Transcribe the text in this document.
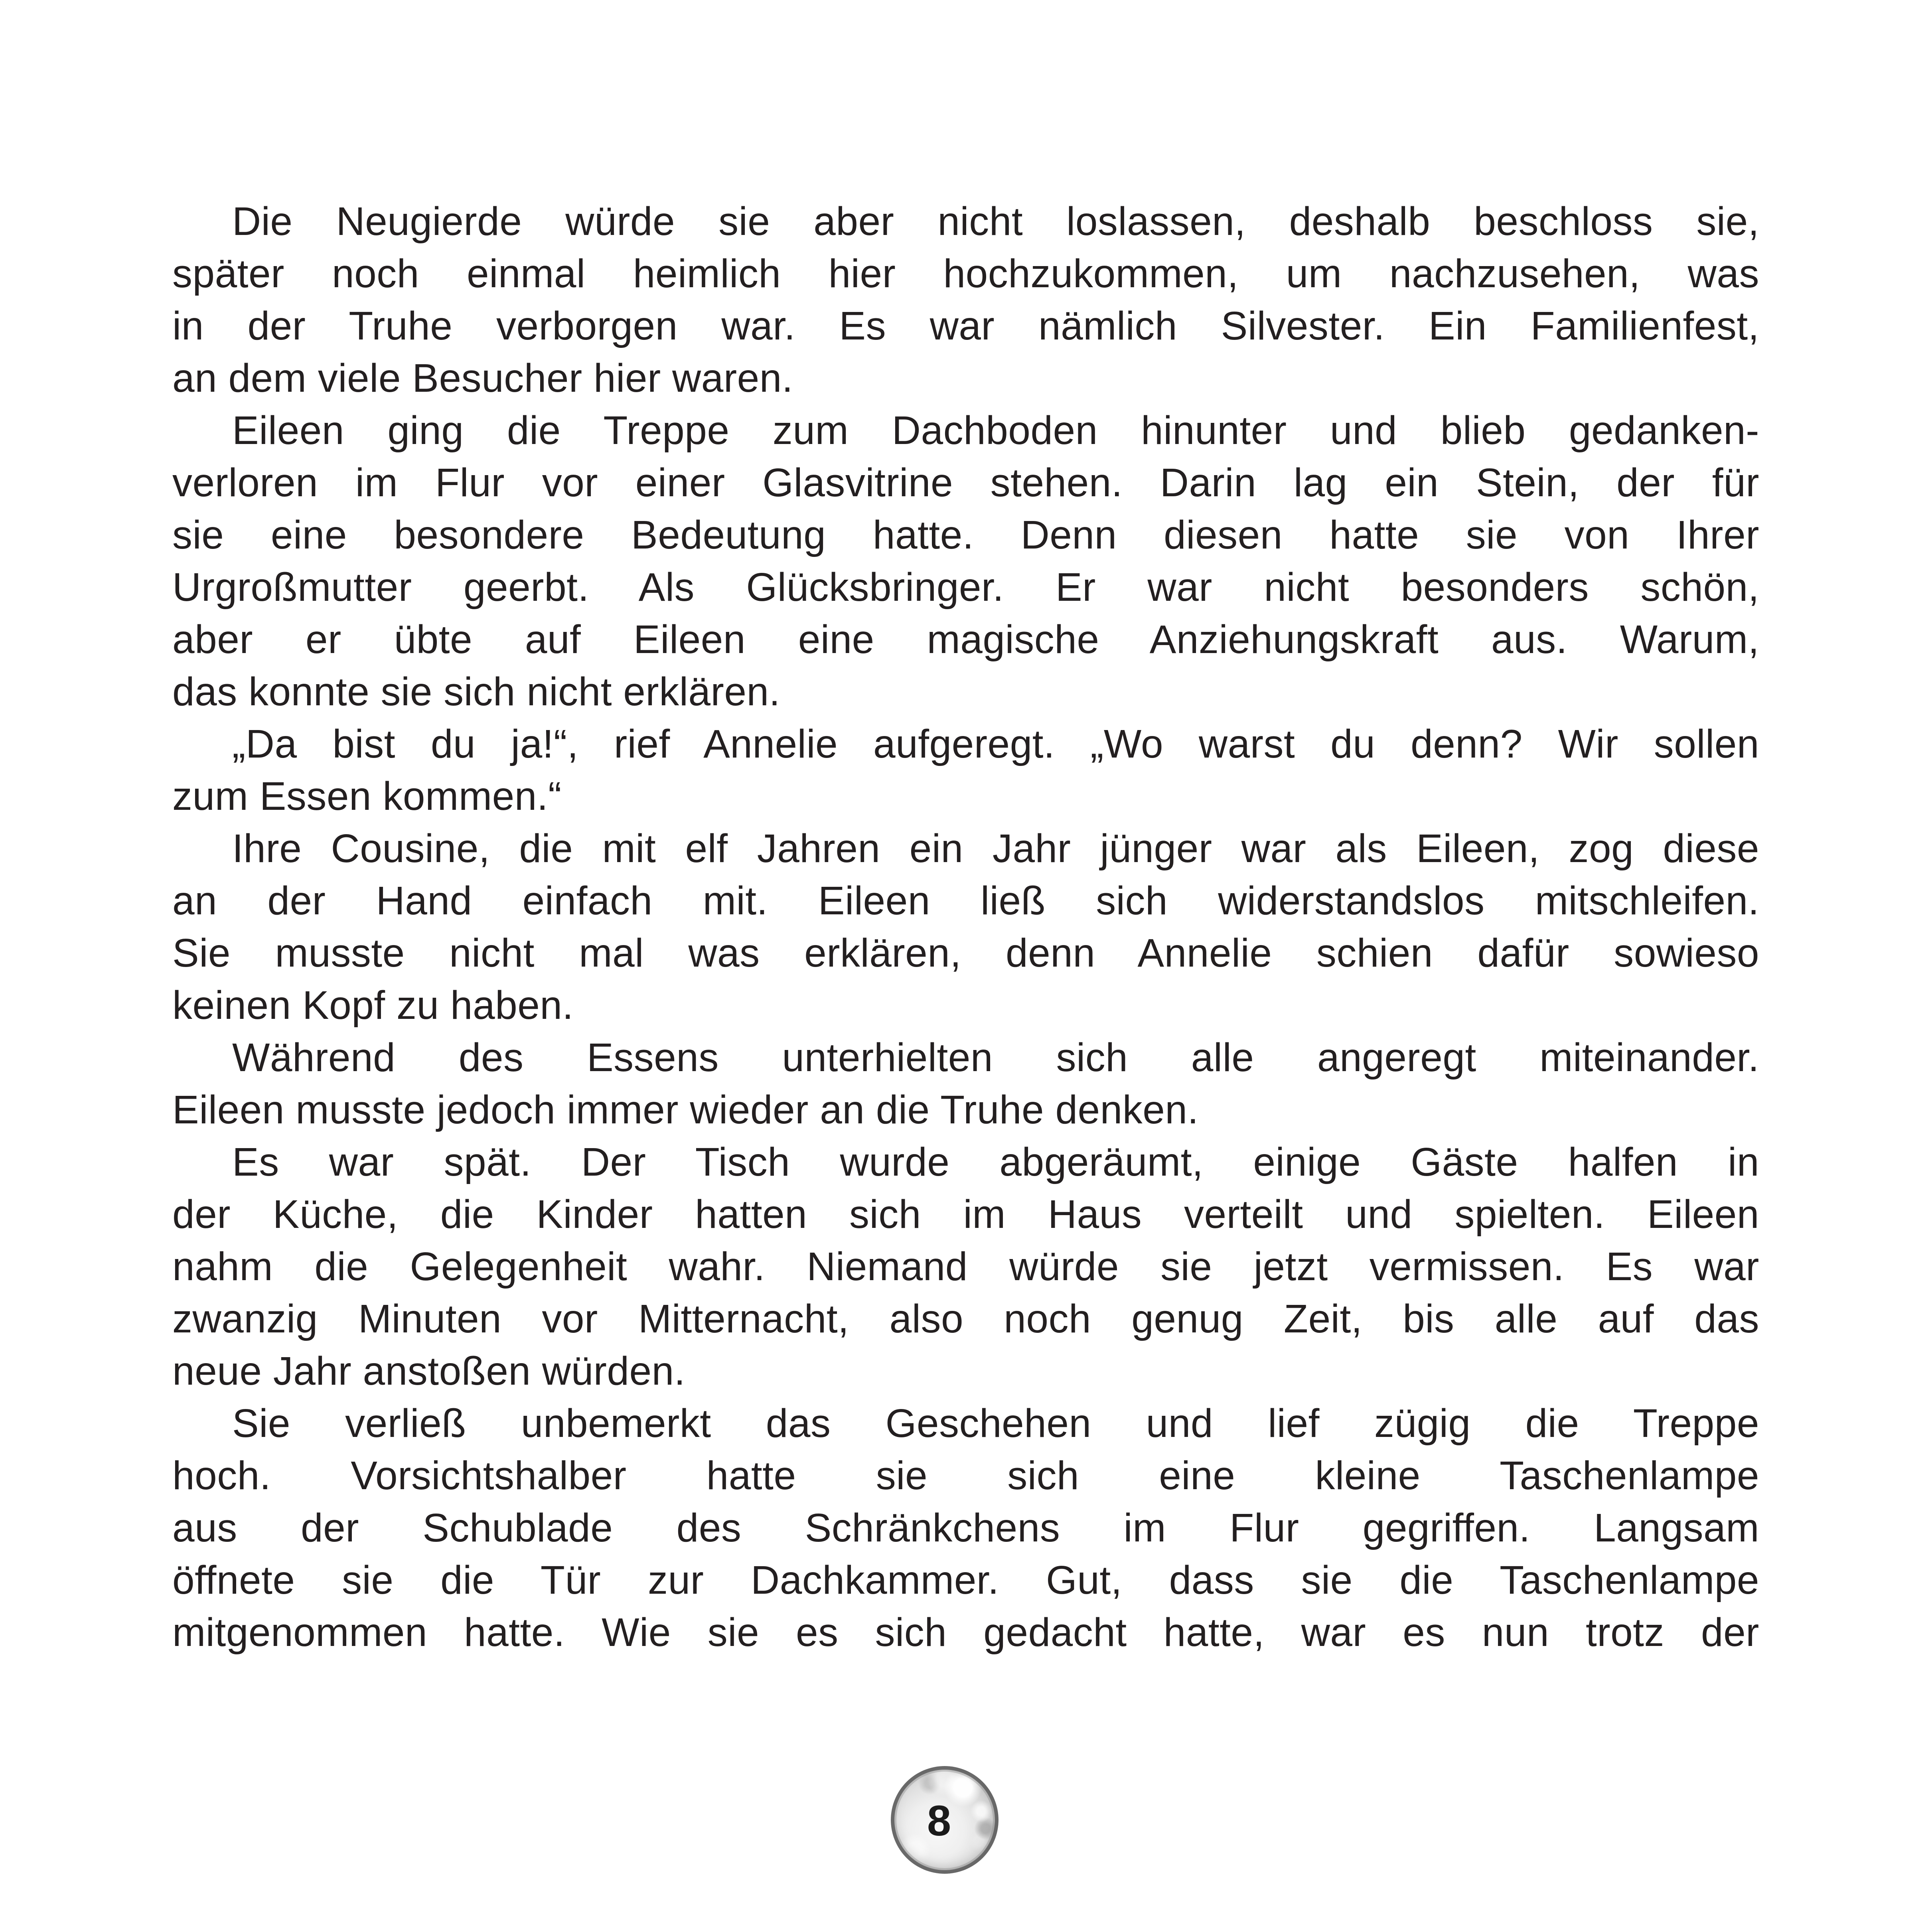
Die Neugierde würde sie aber nicht loslassen, deshalb beschloss sie,
später noch einmal heimlich hier hochzukommen, um nachzusehen, was
in der Truhe verborgen war. Es war nämlich Silvester. Ein Familienfest,
an dem viele Besucher hier waren.
Eileen ging die Treppe zum Dachboden hinunter und blieb gedanken-
verloren im Flur vor einer Glasvitrine stehen. Darin lag ein Stein, der für
sie eine besondere Bedeutung hatte. Denn diesen hatte sie von Ihrer
Urgroßmutter geerbt. Als Glücksbringer. Er war nicht besonders schön,
aber er übte auf Eileen eine magische Anziehungskraft aus. Warum,
das konnte sie sich nicht erklären.
„Da bist du ja!“, rief Annelie aufgeregt. „Wo warst du denn? Wir sollen
zum Essen kommen.“
Ihre Cousine, die mit elf Jahren ein Jahr jünger war als Eileen, zog diese
an der Hand einfach mit. Eileen ließ sich widerstandslos mitschleifen.
Sie musste nicht mal was erklären, denn Annelie schien dafür sowieso
keinen Kopf zu haben.
Während des Essens unterhielten sich alle angeregt miteinander.
Eileen musste jedoch immer wieder an die Truhe denken.
Es war spät. Der Tisch wurde abgeräumt, einige Gäste halfen in
der Küche, die Kinder hatten sich im Haus verteilt und spielten. Eileen
nahm die Gelegenheit wahr. Niemand würde sie jetzt vermissen. Es war
zwanzig Minuten vor Mitternacht, also noch genug Zeit, bis alle auf das
neue Jahr anstoßen würden.
Sie verließ unbemerkt das Geschehen und lief zügig die Treppe
hoch. Vorsichtshalber hatte sie sich eine kleine Taschenlampe
aus der Schublade des Schränkchens im Flur gegriffen. Langsam
öffnete sie die Tür zur Dachkammer. Gut, dass sie die Taschenlampe
mitgenommen hatte. Wie sie es sich gedacht hatte, war es nun trotz der
8
